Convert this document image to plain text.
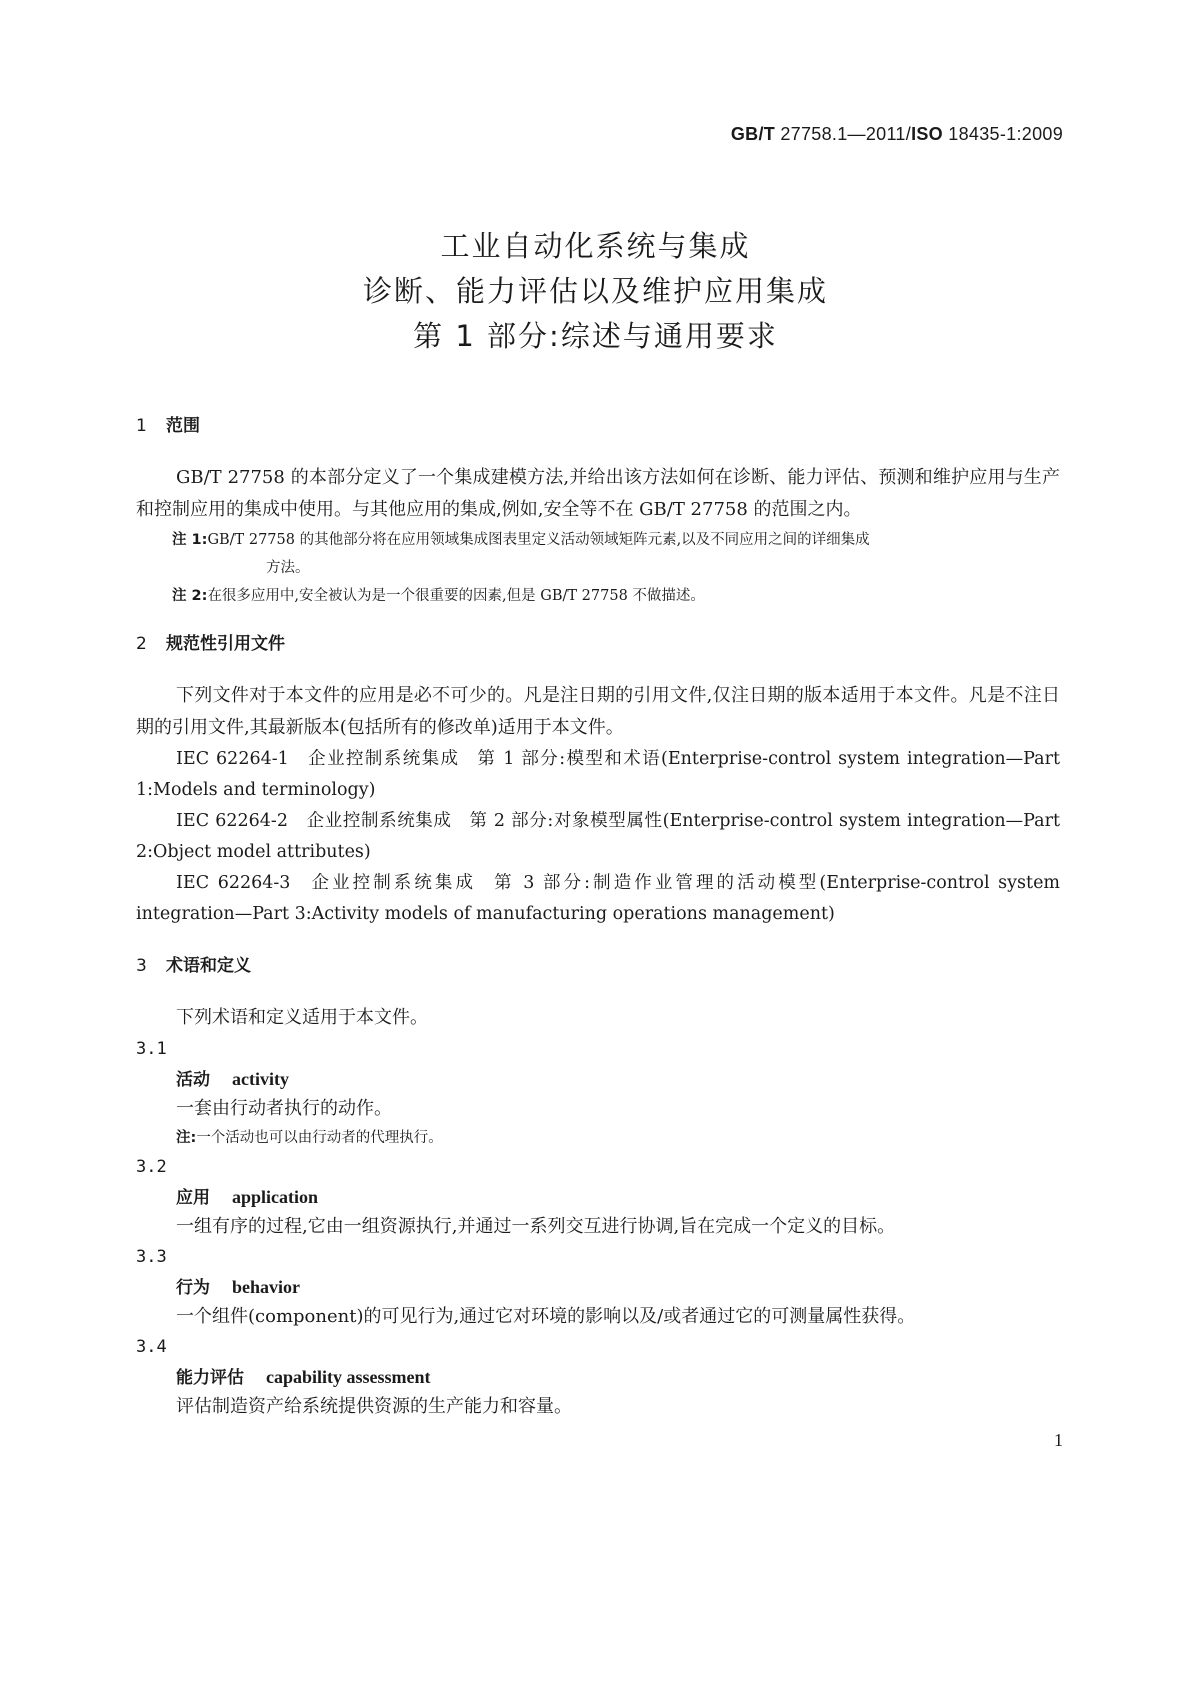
GB/T 27758.1—2011/ISO 18435-1:2009
工业自动化系统与集成
诊断、能力评估以及维护应用集成
第 1 部分:综述与通用要求
1 范围

GB/T 27758 的本部分定义了一个集成建模方法,并给出该方法如何在诊断、能力评估、预测和维护应用与生产和控制应用的集成中使用。与其他应用的集成,例如,安全等不在 GB/T 27758 的范围之内。

注 1:GB/T 27758 的其他部分将在应用领域集成图表里定义活动领域矩阵元素,以及不同应用之间的详细集成
方法。

注 2:在很多应用中,安全被认为是一个很重要的因素,但是 GB/T 27758 不做描述。

2 规范性引用文件

下列文件对于本文件的应用是必不可少的。凡是注日期的引用文件,仅注日期的版本适用于本文件。凡是不注日期的引用文件,其最新版本(包括所有的修改单)适用于本文件。

IEC 62264-1 企业控制系统集成 第 1 部分:模型和术语(Enterprise-control system integration—Part 1:Models and terminology)

IEC 62264-2 企业控制系统集成 第 2 部分:对象模型属性(Enterprise-control system integration—Part 2:Object model attributes)

IEC 62264-3 企业控制系统集成 第 3 部分:制造作业管理的活动模型(Enterprise-control system integration—Part 3:Activity models of manufacturing operations management)

3 术语和定义

下列术语和定义适用于本文件。

3.1
活动 activity
一套由行动者执行的动作。
注:一个活动也可以由行动者的代理执行。
3.2
应用 application
一组有序的过程,它由一组资源执行,并通过一系列交互进行协调,旨在完成一个定义的目标。
3.3
行为 behavior
一个组件(component)的可见行为,通过它对环境的影响以及/或者通过它的可测量属性获得。
3.4
能力评估 capability assessment
评估制造资产给系统提供资源的生产能力和容量。
1
